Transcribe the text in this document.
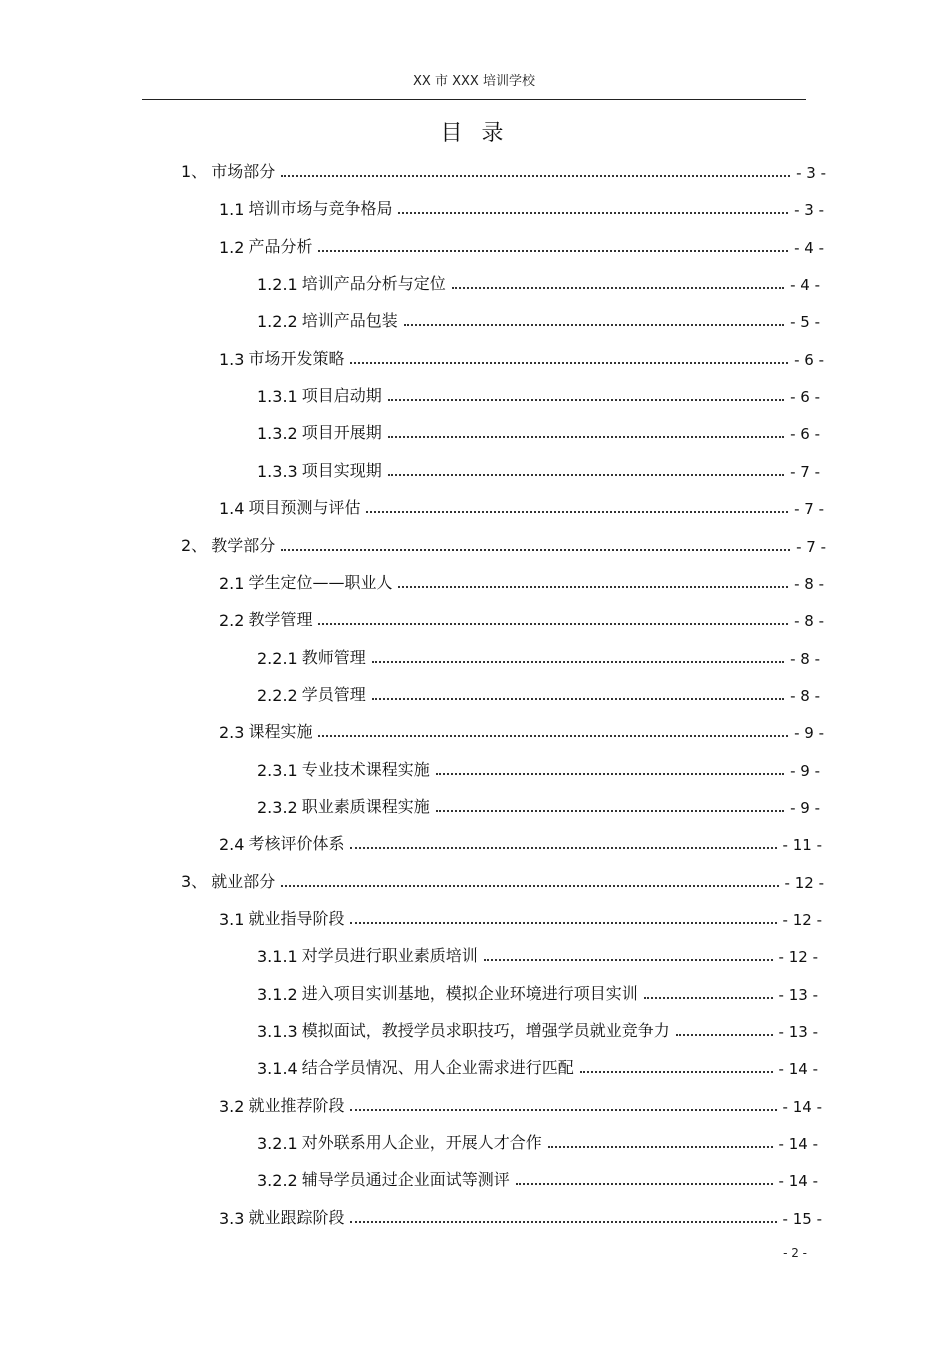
XX 市 XXX 培训学校
目 录
1、 市场部分	- 3 -
1.1 培训市场与竞争格局	- 3 -
1.2 产品分析	- 4 -
1.2.1 培训产品分析与定位	- 4 -
1.2.2 培训产品包装	- 5 -
1.3 市场开发策略	- 6 -
1.3.1 项目启动期	- 6 -
1.3.2 项目开展期	- 6 -
1.3.3 项目实现期	- 7 -
1.4 项目预测与评估	- 7 -
2、 教学部分	- 7 -
2.1 学生定位——职业人	- 8 -
2.2 教学管理	- 8 -
2.2.1 教师管理	- 8 -
2.2.2 学员管理	- 8 -
2.3 课程实施	- 9 -
2.3.1 专业技术课程实施	- 9 -
2.3.2 职业素质课程实施	- 9 -
2.4 考核评价体系	- 11 -
3、 就业部分	- 12 -
3.1 就业指导阶段	- 12 -
3.1.1 对学员进行职业素质培训	- 12 -
3.1.2 进入项目实训基地，模拟企业环境进行项目实训	- 13 -
3.1.3 模拟面试，教授学员求职技巧，增强学员就业竞争力	- 13 -
3.1.4 结合学员情况、用人企业需求进行匹配	- 14 -
3.2 就业推荐阶段	- 14 -
3.2.1 对外联系用人企业，开展人才合作	- 14 -
3.2.2 辅导学员通过企业面试等测评	- 14 -
3.3 就业跟踪阶段	- 15 -
- 2 -
